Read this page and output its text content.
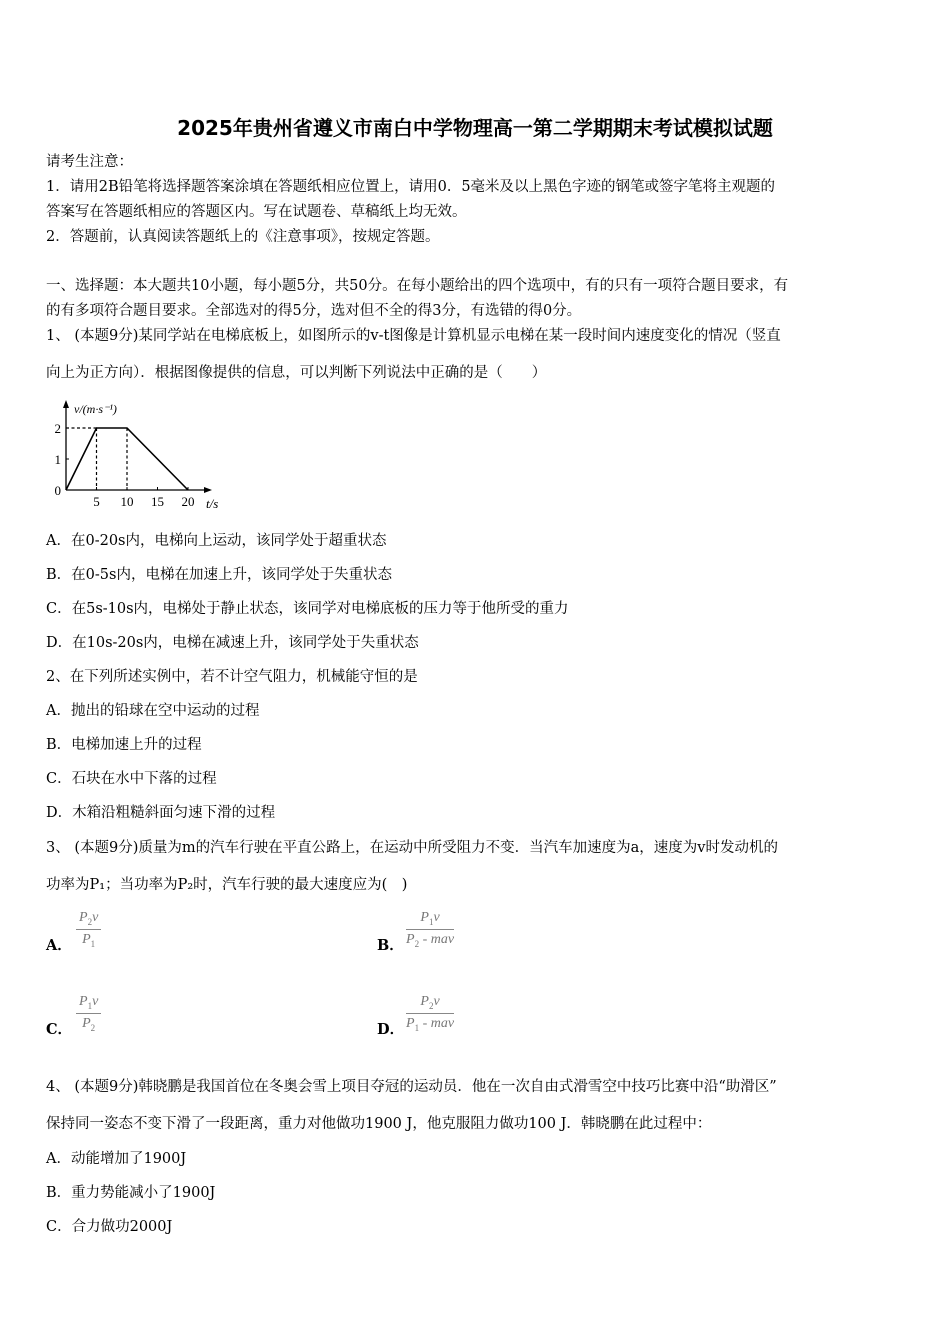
2025年贵州省遵义市南白中学物理高一第二学期期末考试模拟试题
请考生注意：
1．请用2B铅笔将选择题答案涂填在答题纸相应位置上，请用0．5毫米及以上黑色字迹的钢笔或签字笔将主观题的
答案写在答题纸相应的答题区内。写在试题卷、草稿纸上均无效。
2．答题前，认真阅读答题纸上的《注意事项》，按规定答题。
一、选择题：本大题共10小题，每小题5分，共50分。在每小题给出的四个选项中，有的只有一项符合题目要求，有
的有多项符合题目要求。全部选对的得5分，选对但不全的得3分，有选错的得0分。
1、 (本题9分)某同学站在电梯底板上，如图所示的v-t图像是计算机显示电梯在某一段时间内速度变化的情况（竖直
向上为正方向）．根据图像提供的信息，可以判断下列说法中正确的是（　　）
v/(m·s⁻¹)
t/s
5 10 15 20
0
1
2
A．在0-20s内，电梯向上运动，该同学处于超重状态
B．在0-5s内，电梯在加速上升，该同学处于失重状态
C．在5s-10s内，电梯处于静止状态，该同学对电梯底板的压力等于他所受的重力
D．在10s-20s内，电梯在减速上升，该同学处于失重状态
2、在下列所述实例中，若不计空气阻力，机械能守恒的是
A．抛出的铅球在空中运动的过程
B．电梯加速上升的过程
C．石块在水中下落的过程
D．木箱沿粗糙斜面匀速下滑的过程
3、 (本题9分)质量为m的汽车行驶在平直公路上，在运动中所受阻力不变．当汽车加速度为a，速度为v时发动机的
功率为P₁；当功率为P₂时，汽车行驶的最大速度应为(　)
A． $\frac{P_2v}{P_1}$	B．
$P_1v$
$P_2$ - mav
C． $\frac{P_1v}{P_2}$	D．
$P_2v$
$P_1$ - mav
4、 (本题9分)韩晓鹏是我国首位在冬奥会雪上项目夺冠的运动员．他在一次自由式滑雪空中技巧比赛中沿“助滑区”
保持同一姿态不变下滑了一段距离，重力对他做功1900 J，他克服阻力做功100 J．韩晓鹏在此过程中：
A．动能增加了1900J
B．重力势能减小了1900J
C．合力做功2000J
